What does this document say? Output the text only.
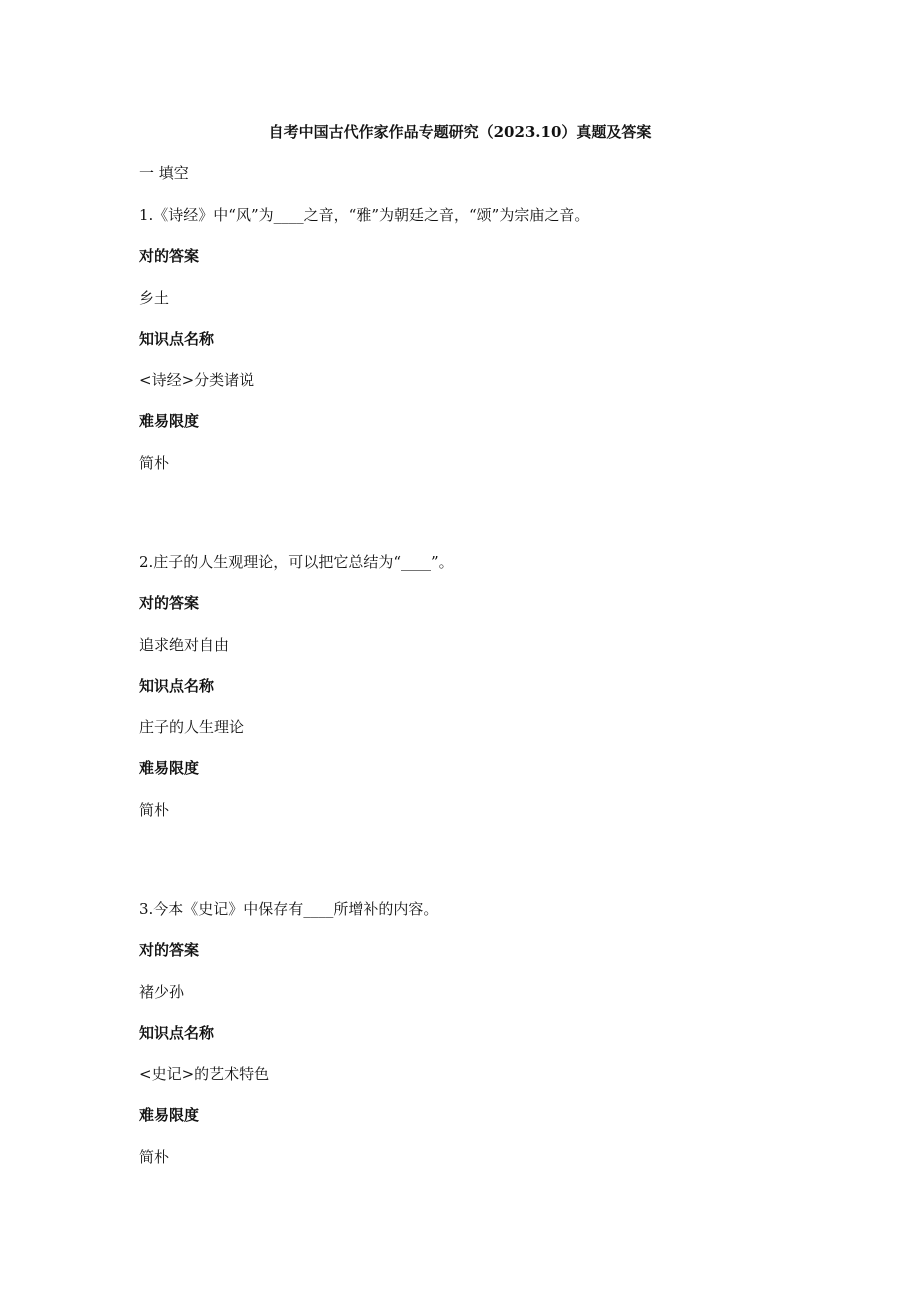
自考中国古代作家作品专题研究（2023.10）真题及答案
一 填空
1.《诗经》中“风”为____之音，“雅”为朝廷之音，“颂”为宗庙之音。
对的答案
乡土
知识点名称
<诗经>分类诸说
难易限度
简朴
2.庄子的人生观理论，可以把它总结为“____”。
对的答案
追求绝对自由
知识点名称
庄子的人生理论
难易限度
简朴
3.今本《史记》中保存有____所增补的内容。
对的答案
褚少孙
知识点名称
<史记>的艺术特色
难易限度
简朴
